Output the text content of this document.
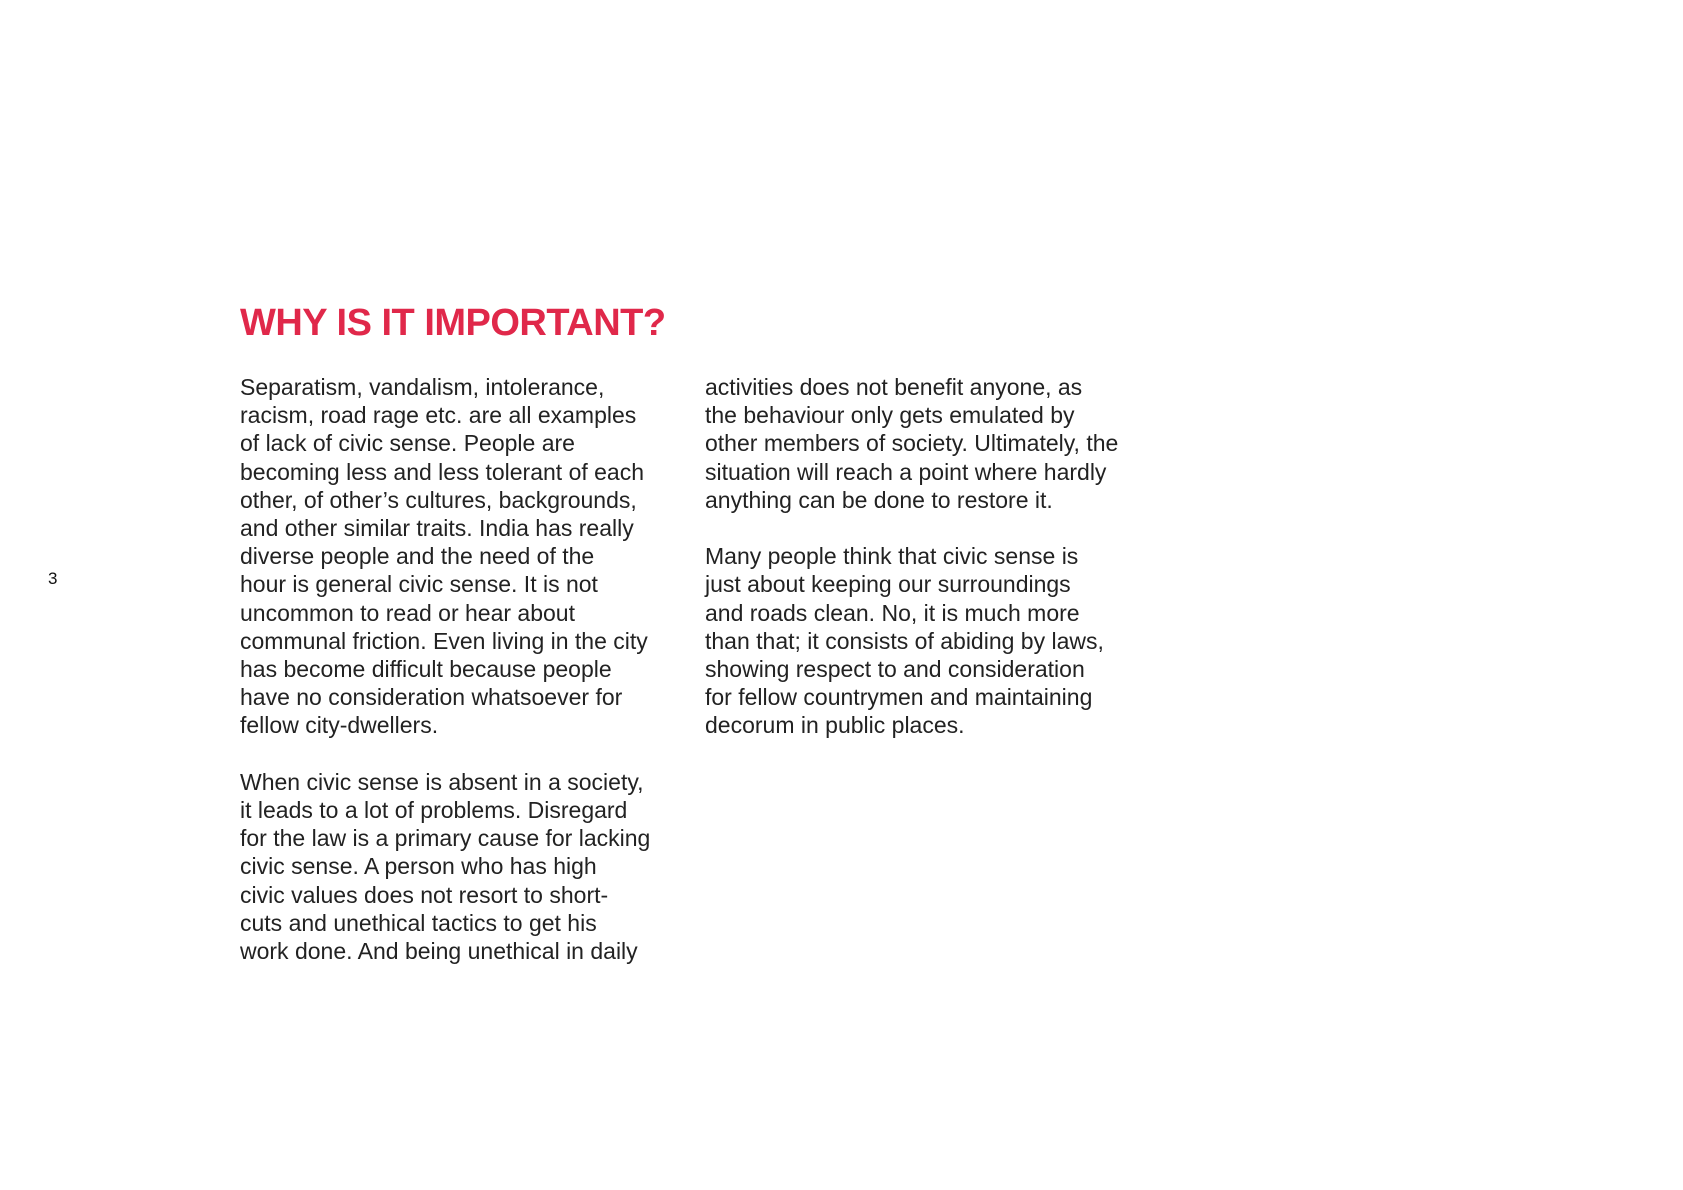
3
WHY IS IT IMPORTANT?
Separatism, vandalism, intolerance,
racism, road rage etc. are all examples
of lack of civic sense. People are
becoming less and less tolerant of each
other, of other’s cultures, backgrounds,
and other similar traits. India has really
diverse people and the need of the
hour is general civic sense. It is not
uncommon to read or hear about
communal friction. Even living in the city
has become difficult because people
have no consideration whatsoever for
fellow city-dwellers.
When civic sense is absent in a society,
it leads to a lot of problems. Disregard
for the law is a primary cause for lacking
civic sense. A person who has high
civic values does not resort to short-
cuts and unethical tactics to get his
work done. And being unethical in daily
activities does not benefit anyone, as
the behaviour only gets emulated by
other members of society. Ultimately, the
situation will reach a point where hardly
anything can be done to restore it.
Many people think that civic sense is
just about keeping our surroundings
and roads clean. No, it is much more
than that; it consists of abiding by laws,
showing respect to and consideration
for fellow countrymen and maintaining
decorum in public places.
